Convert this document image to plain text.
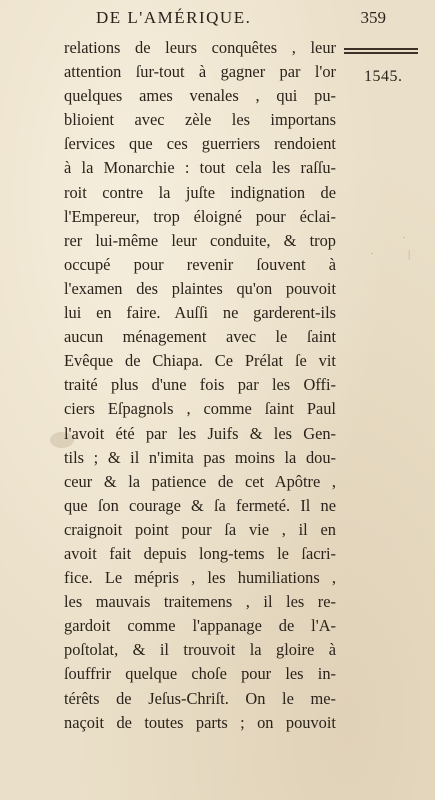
DE L'AMÉRIQUE.	359
1545.
·
·	|
relations de leurs conquêtes , leur
attention ſur-tout à gagner par l'or
quelques ames venales , qui pu-
blioient avec zèle les importans
ſervices que ces guerriers rendoient
à la Monarchie : tout cela les raſſu-
roit contre la juſte indignation de
l'Empereur, trop éloigné pour éclai-
rer lui-même leur conduite, & trop
occupé pour revenir ſouvent à
l'examen des plaintes qu'on pouvoit
lui en faire. Auſſi ne garderent-ils
aucun ménagement avec le ſaint
Evêque de Chiapa. Ce Prélat ſe vit
traité plus d'une fois par les Offi-
ciers Eſpagnols , comme ſaint Paul
l'avoit été par les Juifs & les Gen-
tils ; & il n'imita pas moins la dou-
ceur & la patience de cet Apôtre ,
que ſon courage & ſa fermeté. Il ne
craignoit point pour ſa vie , il en
avoit fait depuis long-tems le ſacri-
fice. Le mépris , les humiliations ,
les mauvais traitemens , il les re-
gardoit comme l'appanage de l'A-
poſtolat, & il trouvoit la gloire à
ſouffrir quelque choſe pour les in-
térêts de Jeſus-Chriſt. On le me-
naçoit de toutes parts ; on pouvoit
